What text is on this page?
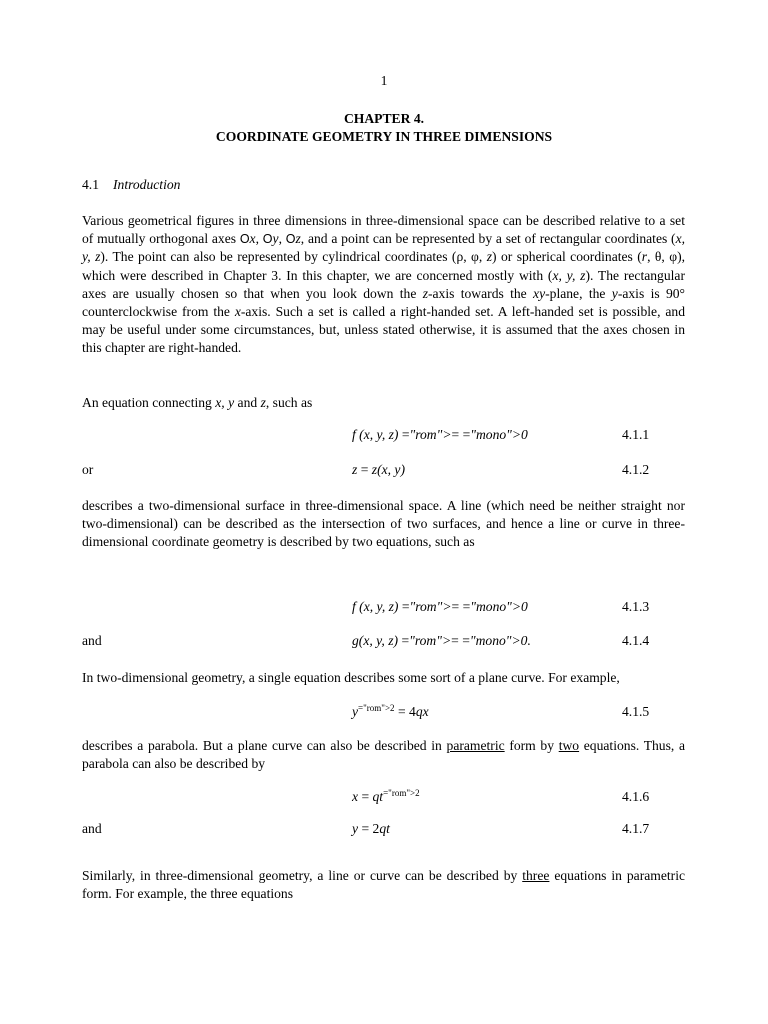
1
CHAPTER 4.
COORDINATE GEOMETRY IN THREE DIMENSIONS
4.1 Introduction
Various geometrical figures in three dimensions in three-dimensional space can be described relative to a set of mutually orthogonal axes Ox, Oy, Oz, and a point can be represented by a set of rectangular coordinates (x, y, z). The point can also be represented by cylindrical coordinates (ρ, φ, z) or spherical coordinates (r, θ, φ), which were described in Chapter 3. In this chapter, we are concerned mostly with (x, y, z). The rectangular axes are usually chosen so that when you look down the z-axis towards the xy-plane, the y-axis is 90° counterclockwise from the x-axis. Such a set is called a right-handed set. A left-handed set is possible, and may be useful under some circumstances, but, unless stated otherwise, it is assumed that the axes chosen in this chapter are right-handed.
An equation connecting x, y and z, such as
f (x, y, z) ="rom">= ="mono">0	4.1.1
or	z = z(x, y)	4.1.2
describes a two-dimensional surface in three-dimensional space. A line (which need be neither straight nor two-dimensional) can be described as the intersection of two surfaces, and hence a line or curve in three-dimensional coordinate geometry is described by two equations, such as
f (x, y, z) ="rom">= ="mono">0	4.1.3
and	g(x, y, z) ="rom">= ="mono">0.	4.1.4
In two-dimensional geometry, a single equation describes some sort of a plane curve. For example,
$y^{="rom">2} = 4qx$	4.1.5
describes a parabola. But a plane curve can also be described in parametric form by two equations. Thus, a parabola can also be described by
$x = qt^{="rom">2}$	4.1.6
and	y = 2qt	4.1.7
Similarly, in three-dimensional geometry, a line or curve can be described by three equations in parametric form. For example, the three equations
